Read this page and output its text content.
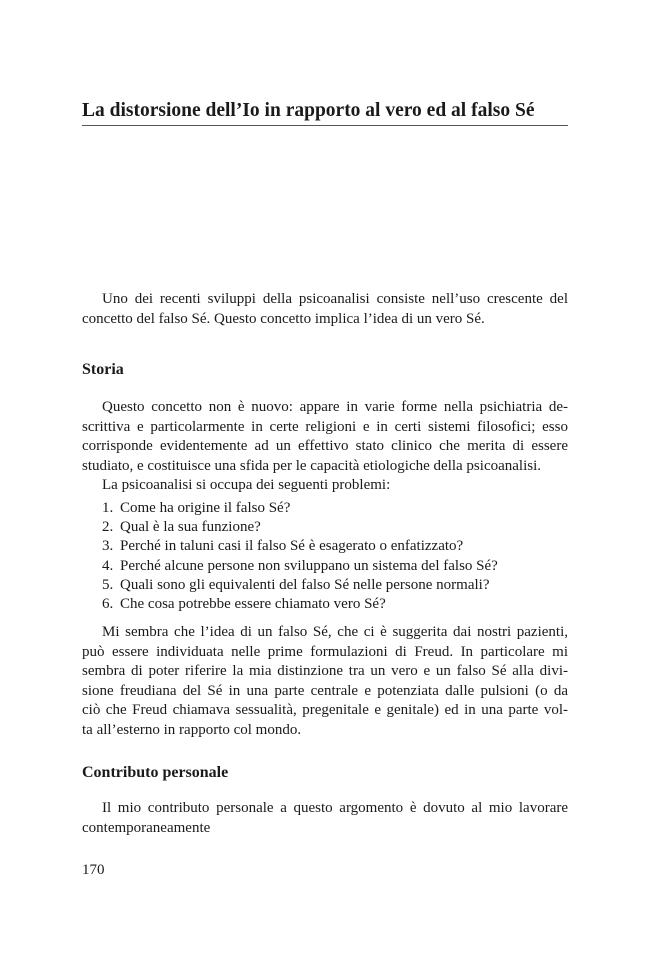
La distorsione dell’Io in rapporto al vero ed al falso Sé

Uno dei recenti sviluppi della psicoanalisi consiste nell’uso crescente del
concetto del falso Sé. Questo concetto implica l’idea di un vero Sé.

Storia

Questo concetto non è nuovo: appare in varie forme nella psichiatria de-
scrittiva e particolarmente in certe religioni e in certi sistemi filosofici; esso
corrisponde evidentemente ad un effettivo stato clinico che merita di essere
studiato, e costituisce una sfida per le capacità etiologiche della psicoanalisi.
La psicoanalisi si occupa dei seguenti problemi:

1. Come ha origine il falso Sé?
2. Qual è la sua funzione?
3. Perché in taluni casi il falso Sé è esagerato o enfatizzato?
4. Perché alcune persone non sviluppano un sistema del falso Sé?
5. Quali sono gli equivalenti del falso Sé nelle persone normali?
6. Che cosa potrebbe essere chiamato vero Sé?

Mi sembra che l’idea di un falso Sé, che ci è suggerita dai nostri pazienti,
può essere individuata nelle prime formulazioni di Freud. In particolare mi
sembra di poter riferire la mia distinzione tra un vero e un falso Sé alla divi-
sione freudiana del Sé in una parte centrale e potenziata dalle pulsioni (o da
ciò che Freud chiamava sessualità, pregenitale e genitale) ed in una parte vol-
ta all’esterno in rapporto col mondo.

Contributo personale

Il mio contributo personale a questo argomento è dovuto al mio lavorare
contemporaneamente

170
